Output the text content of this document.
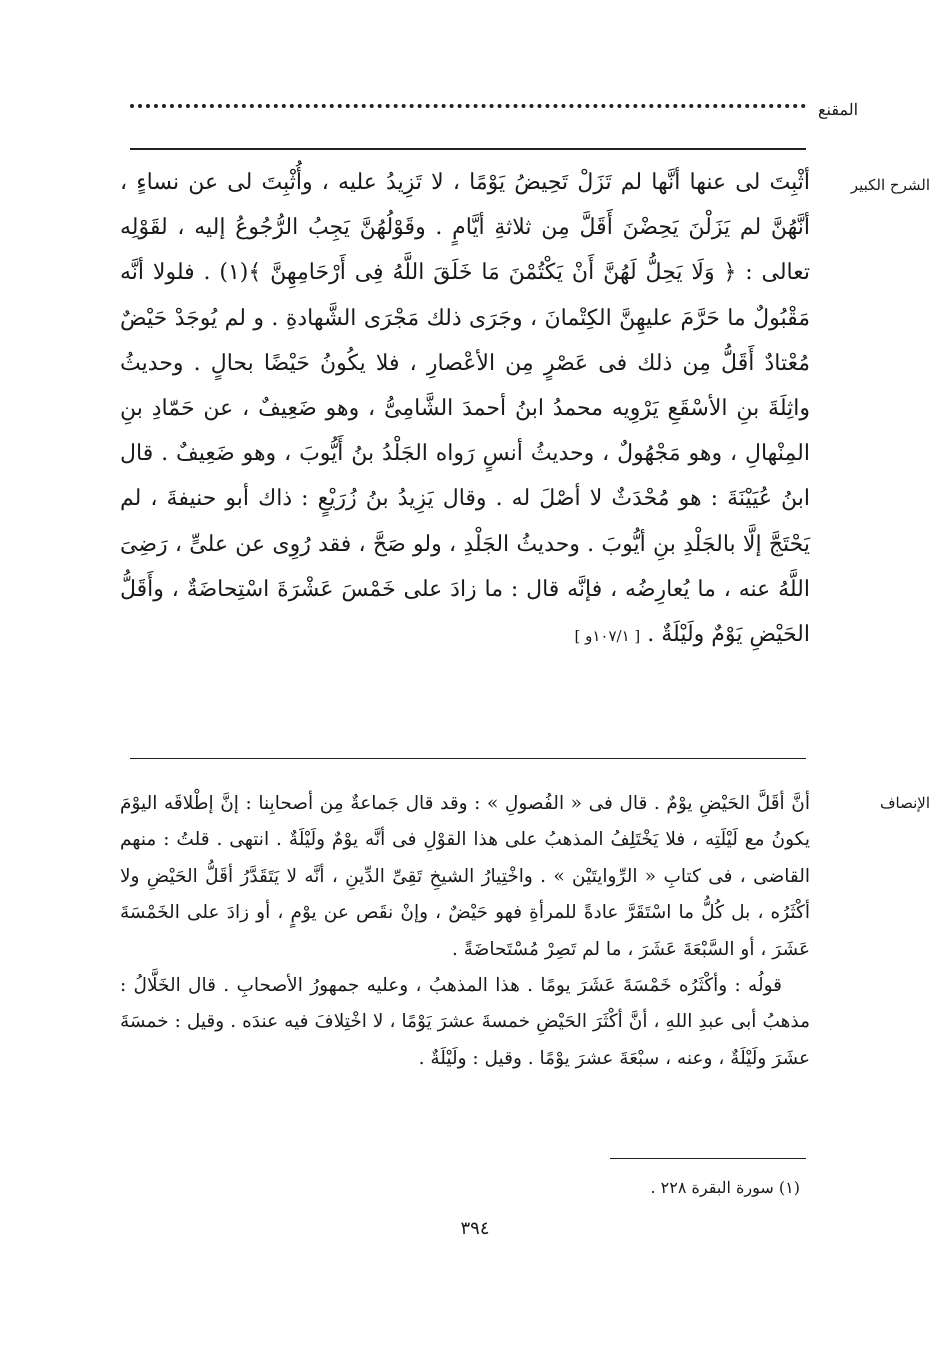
المقنع
الشرح الكبير

أثْبِتَ لى عنها أنَّها لم تَزَلْ تَحِيضُ يَوْمًا ، لا تَزِيدُ عليه ، وأُثْبِتَ لى عن نساءٍ ، أنَّهُنَّ لم يَزَلْنَ يَحِضْنَ أَقَلَّ مِن ثلاثةِ أيَّامٍ . وقَوْلُهُنَّ يَجِبُ الرُّجُوعُ إليه ، لقَوْلِه تعالى : ﴿ وَلَا يَحِلُّ لَهُنَّ أَنْ يَكْتُمْنَ مَا خَلَقَ اللَّهُ فِى أَرْحَامِهِنَّ ﴾(١) . فلولا أنَّه مَقْبُولٌ ما حَرَّمَ عليهِنَّ الكِتْمانَ ، وجَرَى ذلك مَجْرَى الشَّهادةِ . و لم يُوجَدْ حَيْضٌ مُعْتادٌ أَقَلُّ مِن ذلك فى عَصْرٍ مِن الأعْصارِ ، فلا يكُونُ حَيْضًا بحالٍ . وحديثُ واثِلَةَ بنِ الأسْقَعِ يَرْوِيه محمدُ ابنُ أحمدَ الشَّامِىُّ ، وهو ضَعِيفٌ ، عن حَمّادِ بنِ المِنْهالِ ، وهو مَجْهُولٌ ، وحديثُ أنسٍ رَواه الجَلْدُ بنُ أَيُّوبَ ، وهو ضَعِيفٌ . قال ابنُ عُيَيْنَةَ : هو مُحْدَثٌ لا أصْلَ له . وقال يَزِيدُ بنُ زُرَيْعٍ : ذاك أبو حنيفةَ ، لم يَحْتَجَّ إلَّا بالجَلْدِ بنِ أيُّوبَ . وحديثُ الجَلْدِ ، ولو صَحَّ ، فقد رُوِى عن علىٍّ ، رَضِىَ اللَّهُ عنه ، ما يُعارِضُه ، فإنَّه قال : ما زادَ على خَمْسَ عَشْرَةَ اسْتِحاضَةٌ ، وأَقَلُّ الحَيْضِ يَوْمٌ ولَيْلَةٌ . [ ١٠٧/١و ]

الإنصاف

أنَّ أقَلَّ الحَيْضِ يوْمٌ . قال فى « الفُصولِ » : وقد قال جَماعةٌ مِن أصحابِنا : إنَّ إطْلاقَه اليوْمَ يكونُ مع لَيْلَتِه ، فلا يَخْتَلِفُ المذهبُ على هذا القوْلِ فى أنَّه يوْمٌ ولَيْلَةٌ . انتهى . قلتُ : منهم القاضى ، فى كتابِ « الرِّوايتَيْن » . واخْتِيارُ الشيخِ تَقِىِّ الدِّينِ ، أنَّه لا يَتَقَدَّرُ أقَلُّ الحَيْضِ ولا أكْثَرُه ، بل كُلُّ ما اسْتَقَرَّ عادةً للمرأةِ فهو حَيْضٌ ، وإنْ نقَص عن يوْمٍ ، أو زادَ على الخَمْسَةَ عَشَرَ ، أو السَّبْعَةَ عَشَرَ ، ما لم تَصِرْ مُسْتَحاضَةً .

قولُه : وأكْثَرُه خَمْسَةَ عَشَرَ يومًا . هذا المذهبُ ، وعليه جمهورُ الأصحابِ . قال الخَلَّالُ : مذهبُ أبى عبدِ اللهِ ، أنَّ أكْثَرَ الحَيْضِ خمسةَ عشرَ يَوْمًا ، لا اخْتِلافَ فيه عندَه . وقيل : خمسَةَ عشَرَ ولَيْلَةٌ ، وعنه ، سبْعَةَ عشرَ يوْمًا . وقيل : ولَيْلَةٌ .

(١) سورة البقرة ٢٢٨ .
٣٩٤
